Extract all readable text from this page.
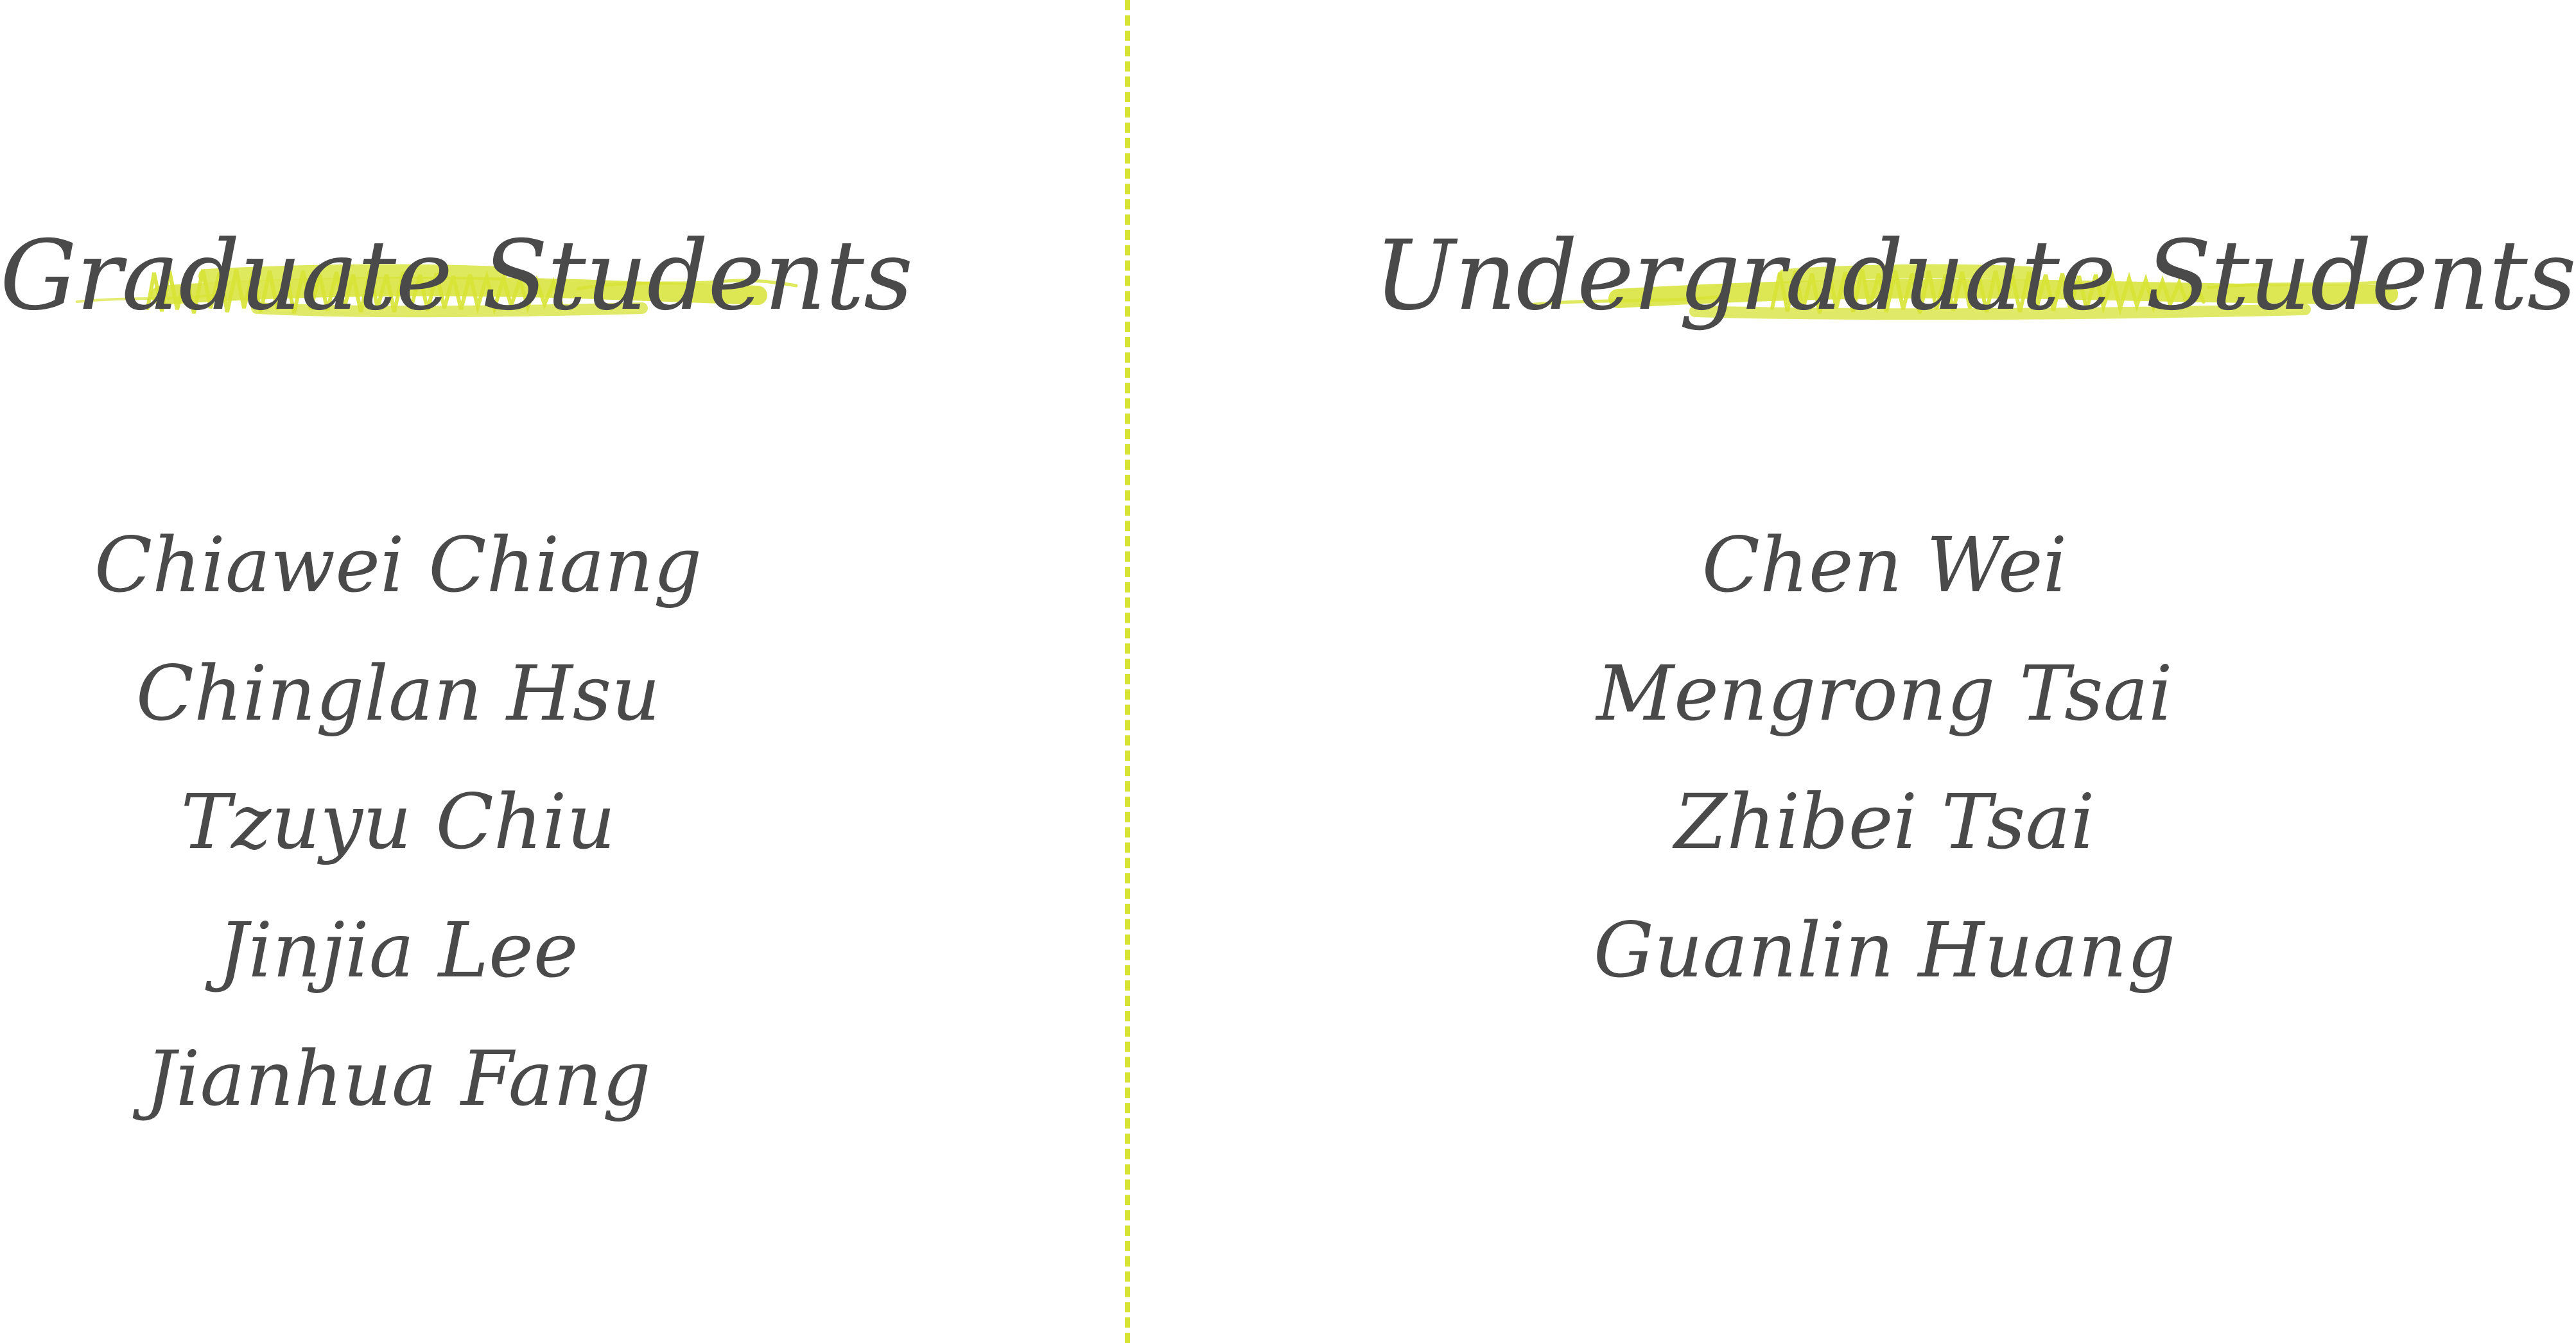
Graduate Students
Chiawei Chiang
Chinglan Hsu
Tzuyu Chiu
Jinjia Lee
Jianhua Fang
Undergraduate Students
Chen Wei
Mengrong Tsai
Zhibei Tsai
Guanlin Huang
